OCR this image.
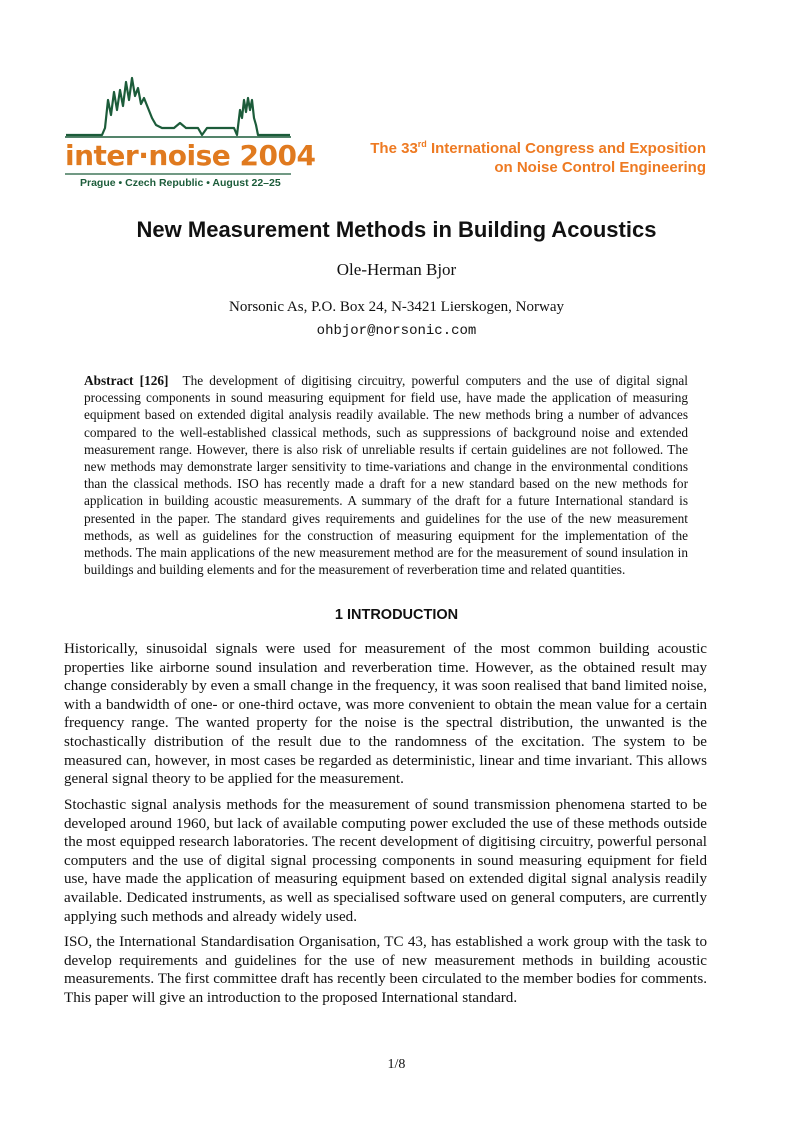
inter·noise 2004
Prague • Czech Republic • August 22–25
The 33rd International Congress and Exposition
on Noise Control Engineering
New Measurement Methods in Building Acoustics
Ole-Herman Bjor
Norsonic As, P.O. Box 24, N-3421 Lierskogen, Norway
ohbjor@norsonic.com

Abstract [126] The development of digitising circuitry, powerful computers and the use of digital signal processing components in sound measuring equipment for field use, have made the application of measuring equipment based on extended digital analysis readily available. The new methods bring a number of advances compared to the well-established classical methods, such as suppressions of background noise and extended measurement range. However, there is also risk of unreliable results if certain guidelines are not followed. The new methods may demonstrate larger sensitivity to time-variations and change in the environmental conditions than the classical methods. ISO has recently made a draft for a new standard based on the new methods for application in building acoustic measurements. A summary of the draft for a future International standard is presented in the paper. The standard gives requirements and guidelines for the use of the new measurement methods, as well as guidelines for the construction of measuring equipment for the implementation of the methods. The main applications of the new measurement method are for the measurement of sound insulation in buildings and building elements and for the measurement of reverberation time and related quantities.

1 INTRODUCTION

Historically, sinusoidal signals were used for measurement of the most common building acoustic properties like airborne sound insulation and reverberation time. However, as the obtained result may change considerably by even a small change in the frequency, it was soon realised that band limited noise, with a bandwidth of one- or one-third octave, was more convenient to obtain the mean value for a certain frequency range. The wanted property for the noise is the spectral distribution, the unwanted is the stochastically distribution of the result due to the randomness of the excitation. The system to be measured can, however, in most cases be regarded as deterministic, linear and time invariant. This allows general signal theory to be applied for the measurement.

Stochastic signal analysis methods for the measurement of sound transmission phenomena started to be developed around 1960, but lack of available computing power excluded the use of these methods outside the most equipped research laboratories. The recent development of digitising circuitry, powerful personal computers and the use of digital signal processing components in sound measuring equipment for field use, have made the application of measuring equipment based on extended digital signal analysis readily available. Dedicated instruments, as well as specialised software used on general computers, are currently applying such methods and already widely used.

ISO, the International Standardisation Organisation, TC 43, has established a work group with the task to develop requirements and guidelines for the use of new measurement methods in building acoustic measurements. The first committee draft has recently been circulated to the member bodies for comments. This paper will give an introduction to the proposed International standard.

1/8
